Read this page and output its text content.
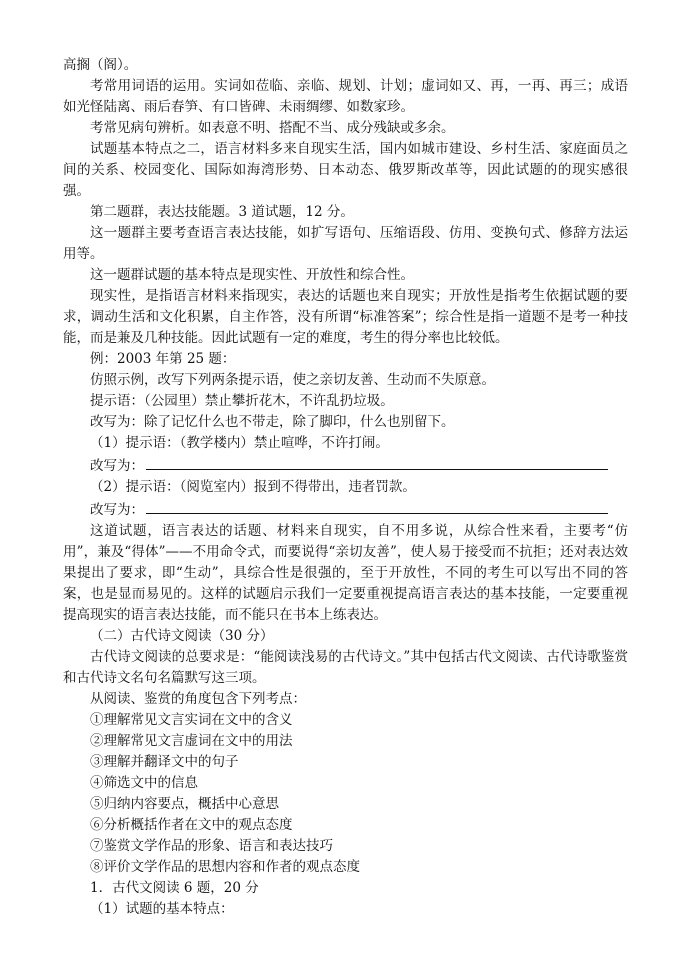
高搁（阁）。

考常用词语的运用。实词如莅临、亲临、规划、计划；虚词如又、再，一再、再三；成语如光怪陆离、雨后春笋、有口皆碑、未雨绸缪、如数家珍。

考常见病句辨析。如表意不明、搭配不当、成分残缺或多余。

试题基本特点之二，语言材料多来自现实生活，国内如城市建设、乡村生活、家庭面员之间的关系、校园变化、国际如海湾形势、日本动态、俄罗斯改革等，因此试题的的现实感很强。

第二题群，表达技能题。3 道试题，12 分。

这一题群主要考查语言表达技能，如扩写语句、压缩语段、仿用、变换句式、修辞方法运用等。

这一题群试题的基本特点是现实性、开放性和综合性。

现实性，是指语言材料来指现实，表达的话题也来自现实；开放性是指考生依据试题的要求，调动生活和文化积累，自主作答，没有所谓“标准答案”；综合性是指一道题不是考一种技能，而是兼及几种技能。因此试题有一定的难度，考生的得分率也比较低。

例：2003 年第 25 题：

仿照示例，改写下列两条提示语，使之亲切友善、生动而不失原意。

提示语：（公园里）禁止攀折花木，不许乱扔垃圾。

改写为：除了记忆什么也不带走，除了脚印，什么也别留下。

（1）提示语：（教学楼内）禁止喧哗，不许打闹。

改写为：

（2）提示语：（阅览室内）报到不得带出，违者罚款。

改写为：

这道试题，语言表达的话题、材料来自现实，自不用多说，从综合性来看，主要考“仿用”，兼及“得体”——不用命令式，而要说得“亲切友善”，使人易于接受而不抗拒；还对表达效果提出了要求，即“生动”，具综合性是很强的，至于开放性，不同的考生可以写出不同的答案，也是显而易见的。这样的试题启示我们一定要重视提高语言表达的基本技能，一定要重视提高现实的语言表达技能，而不能只在书本上练表达。

（二）古代诗文阅读（30 分）

古代诗文阅读的总要求是：“能阅读浅易的古代诗文。”其中包括古代文阅读、古代诗歌鉴赏和古代诗文名句名篇默写这三项。

从阅读、鉴赏的角度包含下列考点：

①理解常见文言实词在文中的含义

②理解常见文言虚词在文中的用法

③理解并翻译文中的句子

④筛选文中的信息

⑤归纳内容要点，概括中心意思

⑥分析概括作者在文中的观点态度

⑦鉴赏文学作品的形象、语言和表达技巧

⑧评价文学作品的思想内容和作者的观点态度

1．古代文阅读 6 题，20 分

（1）试题的基本特点：
